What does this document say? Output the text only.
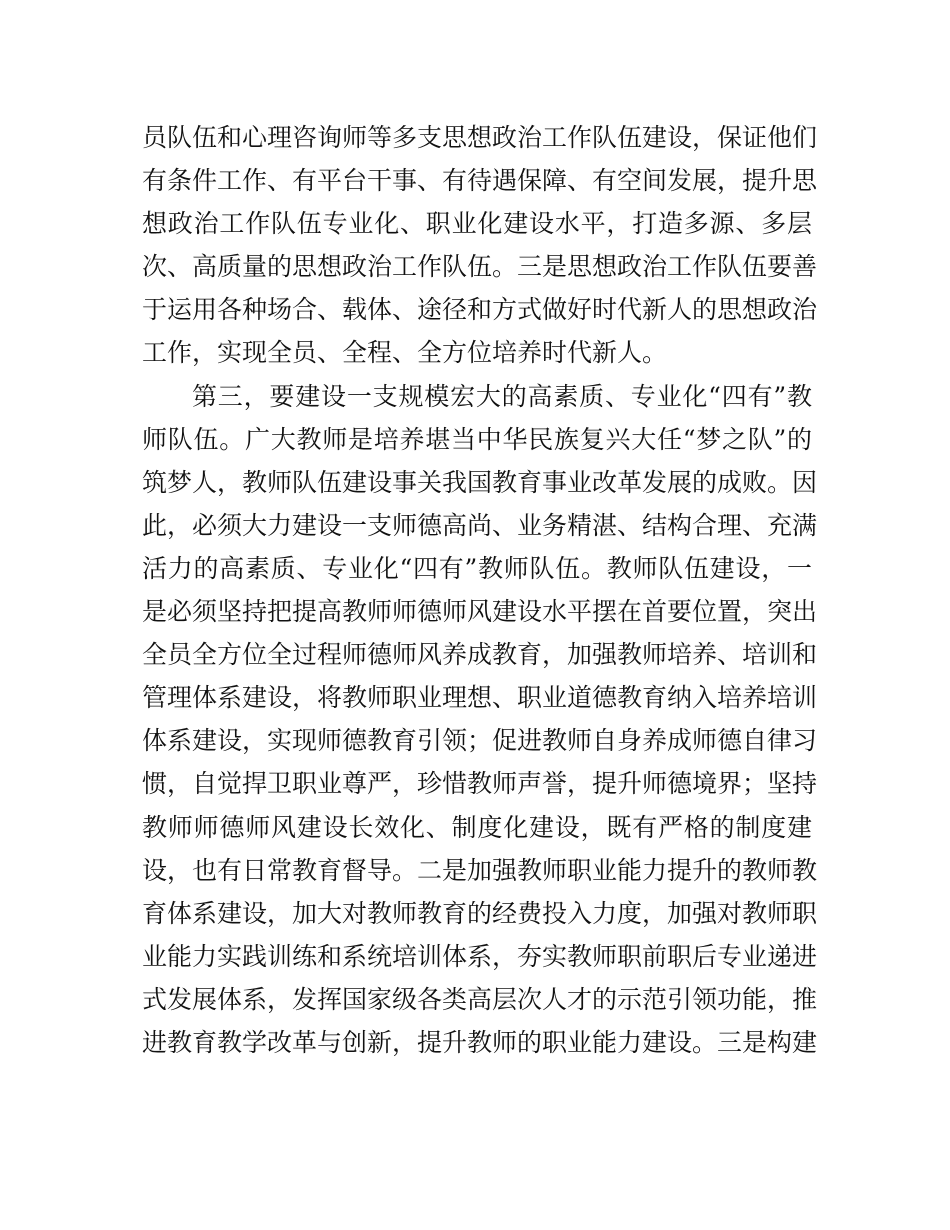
员队伍和心理咨询师等多支思想政治工作队伍建设，保证他们
有条件工作、有平台干事、有待遇保障、有空间发展，提升思
想政治工作队伍专业化、职业化建设水平，打造多源、多层
次、高质量的思想政治工作队伍。三是思想政治工作队伍要善
于运用各种场合、载体、途径和方式做好时代新人的思想政治
工作，实现全员、全程、全方位培养时代新人。
第三，要建设一支规模宏大的高素质、专业化“四有”教
师队伍。广大教师是培养堪当中华民族复兴大任“梦之队”的
筑梦人，教师队伍建设事关我国教育事业改革发展的成败。因
此，必须大力建设一支师德高尚、业务精湛、结构合理、充满
活力的高素质、专业化“四有”教师队伍。教师队伍建设，一
是必须坚持把提高教师师德师风建设水平摆在首要位置，突出
全员全方位全过程师德师风养成教育，加强教师培养、培训和
管理体系建设，将教师职业理想、职业道德教育纳入培养培训
体系建设，实现师德教育引领；促进教师自身养成师德自律习
惯，自觉捍卫职业尊严，珍惜教师声誉，提升师德境界；坚持
教师师德师风建设长效化、制度化建设，既有严格的制度建
设，也有日常教育督导。二是加强教师职业能力提升的教师教
育体系建设，加大对教师教育的经费投入力度，加强对教师职
业能力实践训练和系统培训体系，夯实教师职前职后专业递进
式发展体系，发挥国家级各类高层次人才的示范引领功能，推
进教育教学改革与创新，提升教师的职业能力建设。三是构建
